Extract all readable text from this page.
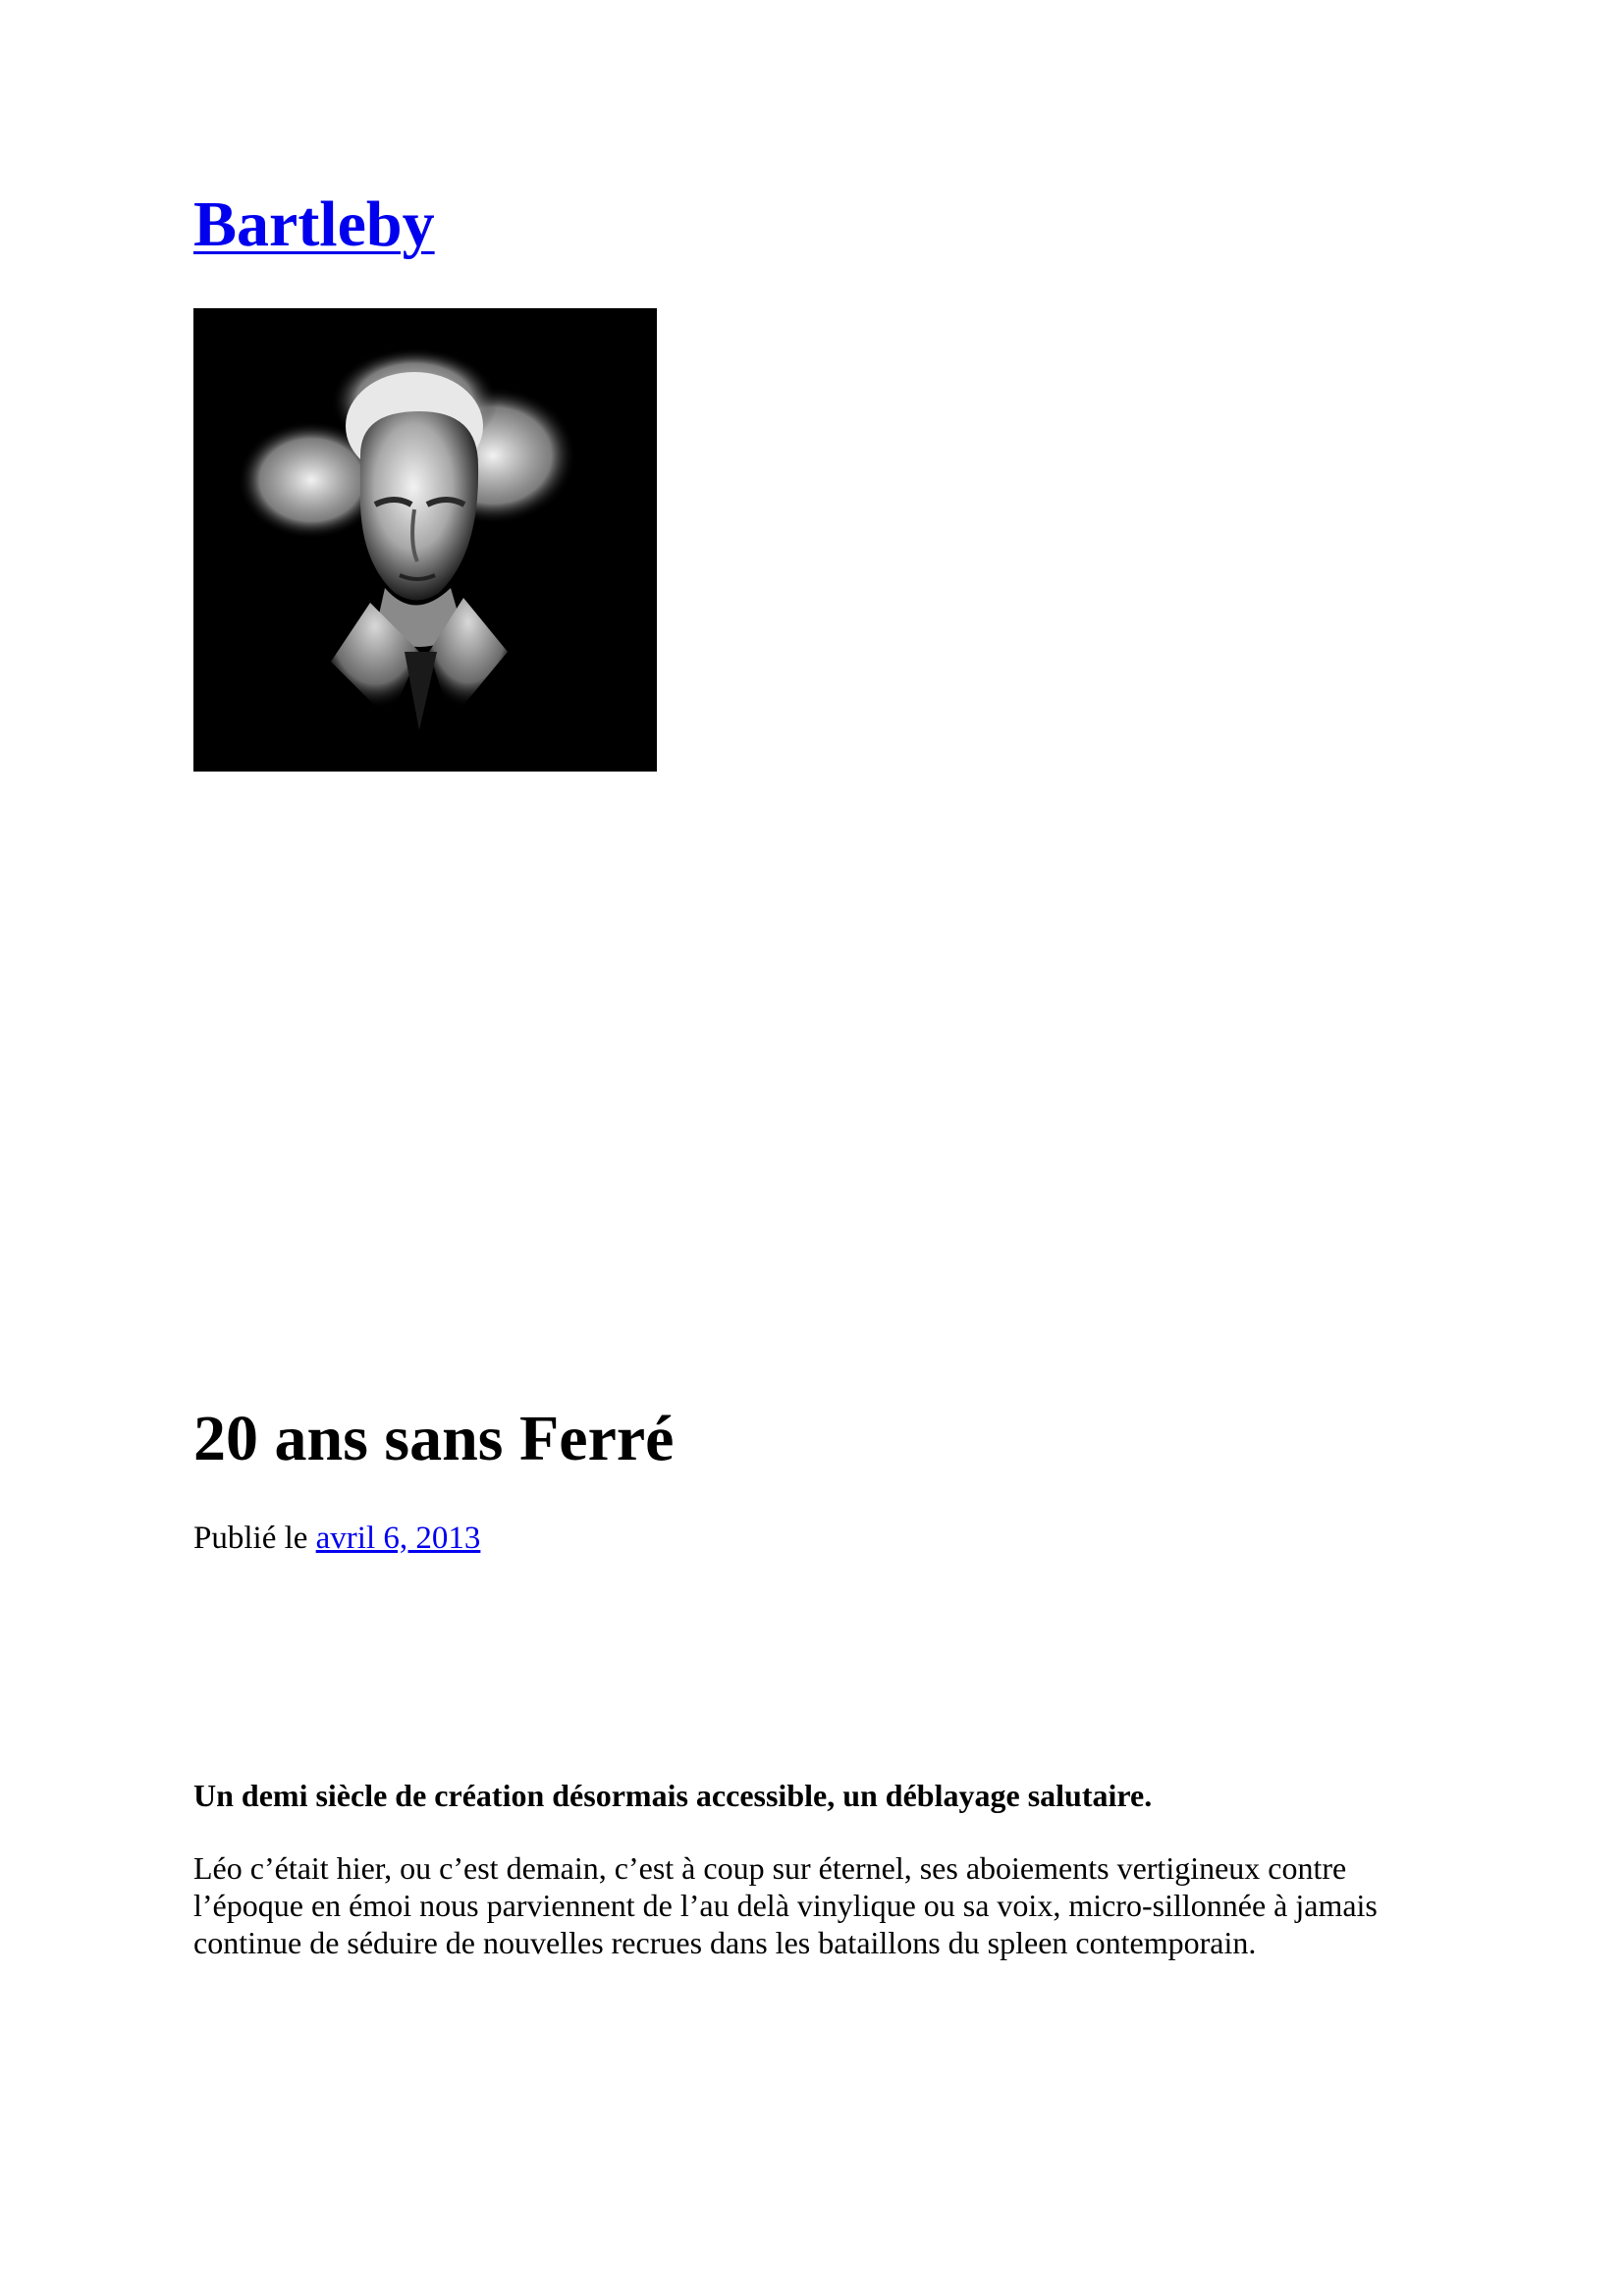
Bartleby
20 ans sans Ferré
Publié le avril 6, 2013

Un demi siècle de création désormais accessible, un déblayage salutaire.

Léo c’était hier, ou c’est demain, c’est à coup sur éternel, ses aboiements vertigineux contre
l’époque en émoi nous parviennent de l’au delà vinylique ou sa voix, micro-sillonnée à jamais
continue de séduire de nouvelles recrues dans les bataillons du spleen contemporain.
